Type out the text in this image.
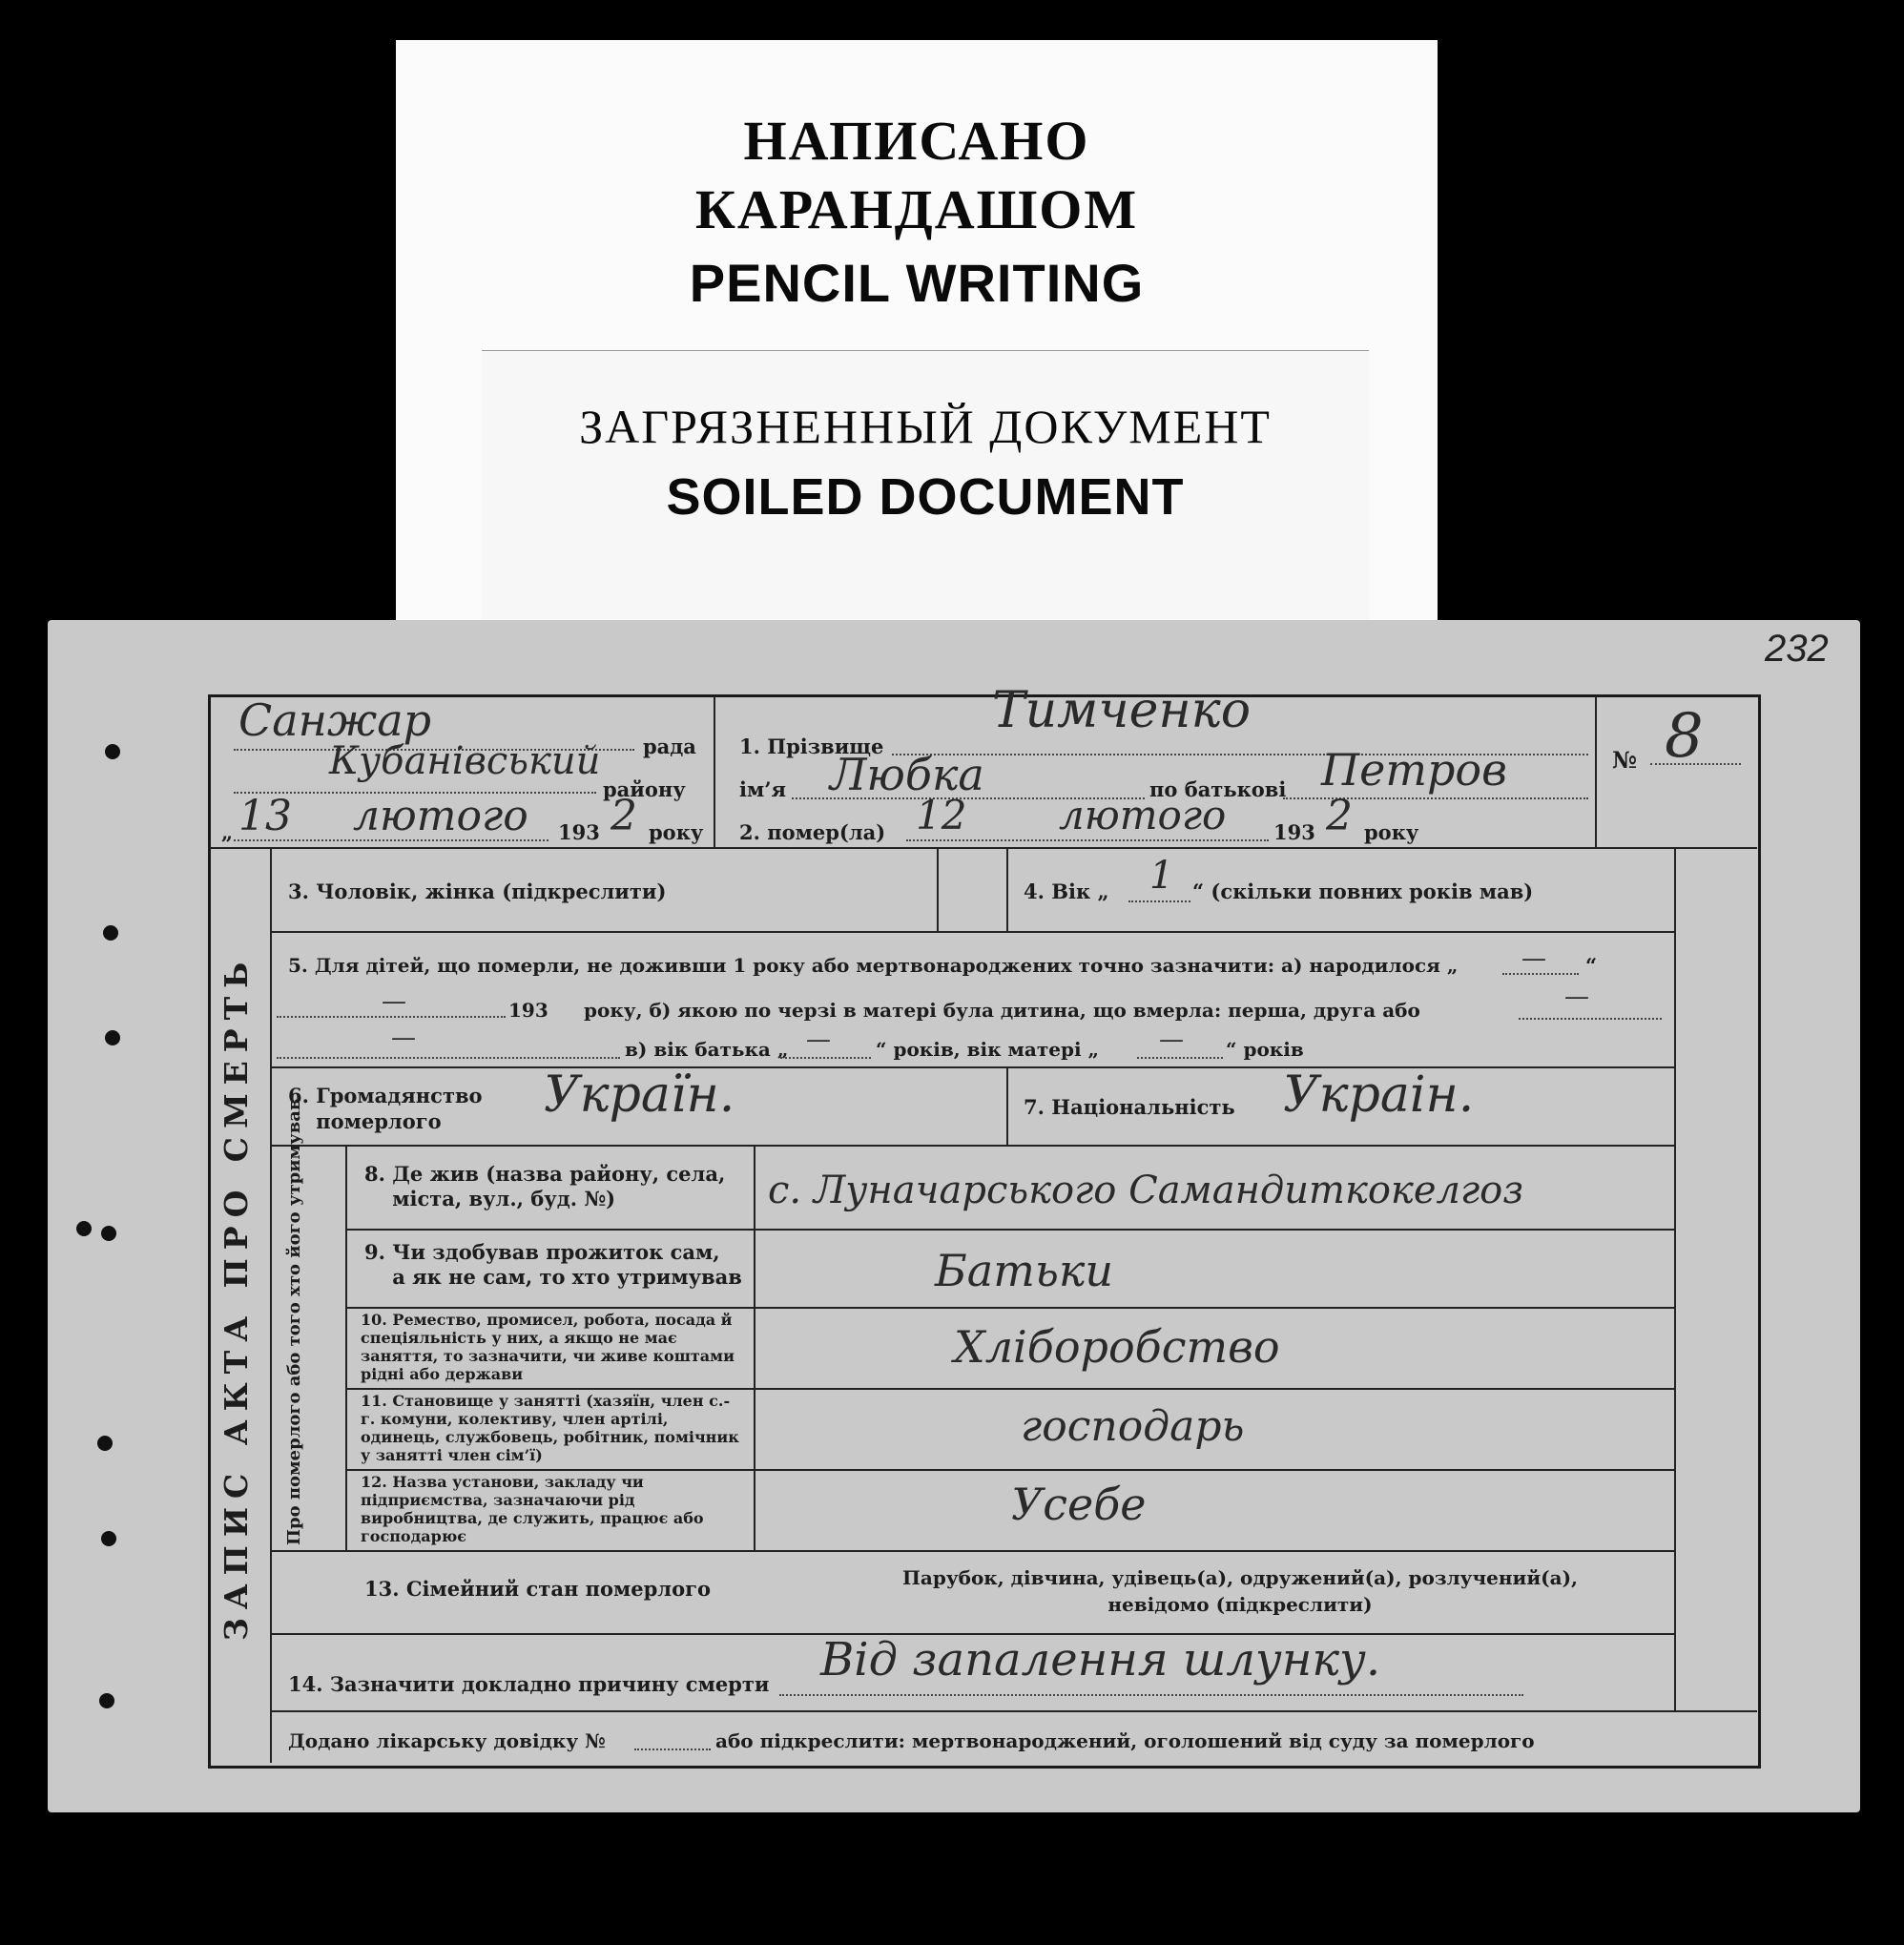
НАПИСАНО
КАРАНДАШОМ
PENCIL WRITING
ЗАГРЯЗНЕННЫЙ ДОКУМЕНТ
SOILED DOCUMENT
232
Санжар
рада
Кубанівський
району
„ 13 лютого 193 2 року
1. Прізвище
Тимченко
ім’я Любка	по батькові Петров
2. помер(ла) 12 лютого 193 2 року
№ 8
ЗАПИС АКТА ПРО СМЕРТЬ Про померлого або того хто його утримував
3. Чоловік, жінка (підкреслити)	4. Вік „ 1 “ (скільки повних років мав)
5. Для дітей, що померли, не доживши 1 року або мертвонароджених точно зазначити: а) народилося „	— “
—	193 року, б) якою по черзі в матері була дитина, що вмерла: перша, друга або	—
—	в) вік батька „ — “ років, вік матері „ — “ років
6. Громадянство
померлого	Україн.	7. Національність Украін.
8. Де жив (назва району, села,
міста, вул., буд. №)	с. Луначарського Самандиткокелгоз
9. Чи здобував прожиток сам,
а як не сам, то хто утримував	Батьки
10. Ремество, промисел, робота, посада й спеціяльність у них, а якщо не має заняття, то зазначити, чи живе коштами рідні або держави
Хліборобство
11. Становище у занятті (хазяїн, член с.-г. комуни, колективу, член артілі, одинець, службовець, робітник, помічник у занятті член сім’ї)
господарь
12. Назва установи, закладу чи підприємства, зазначаючи рід виробництва, де служить, працює або господарює
Усебе
13. Сімейний стан померлого	Парубок, дівчина, удівець(а), одружений(а), розлучений(а),
невідомо (підкреслити)
14. Зазначити докладно причину смерти Від запалення шлунку.
Додано лікарську довідку №	або підкреслити: мертвонароджений, оголошений від суду за померлого
